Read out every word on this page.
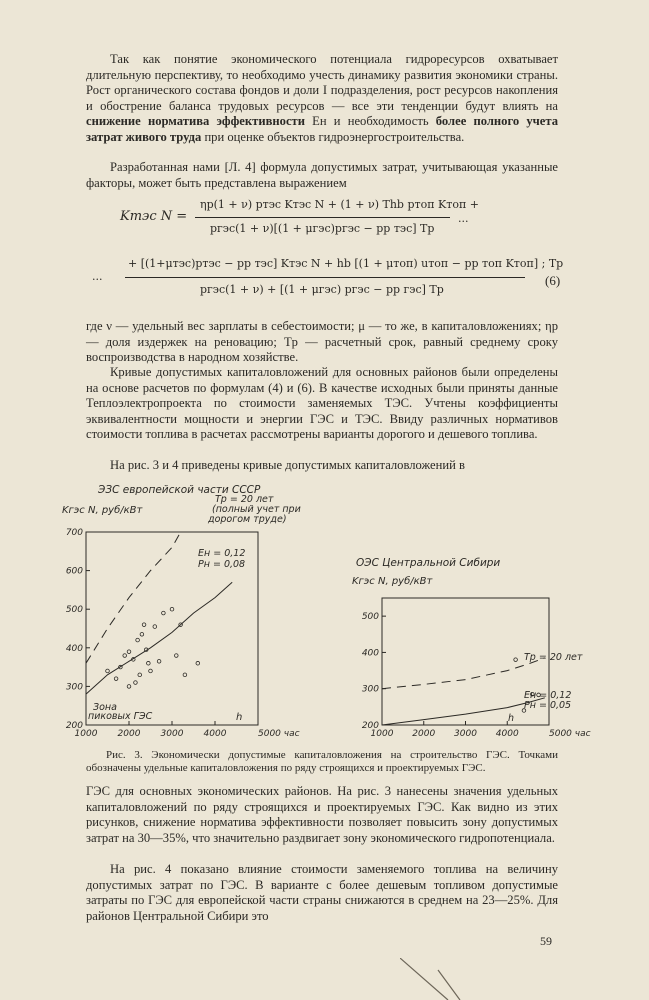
Так как понятие экономического потенциала гидроресурсов охватывает длительную перспективу, то необходимо учесть динамику развития экономики страны. Рост органического состава фондов и доли I подразделения, рост ресурсов накопления и обострение баланса трудовых ресурсов — все эти тенденции будут влиять на снижение норматива эффективности Eн и необходимость более полного учета затрат живого труда при оценке объектов гидроэнергостроительства.

Разработанная нами [Л. 4] формула допустимых затрат, учитывающая указанные факторы, может быть представлена выражением

Kтэс N =
ηр(1 + ν) pтэс Kтэс N + (1 + ν) Thb pтоп Kтоп +
pгэс(1 + ν)[(1 + μгэс)pгэс − pр тэс] Tр
...
...
+ [(1+μтэс)pтэс − pр тэс] Kтэс N + hb [(1 + μтоп) uтоп − pр топ Kтоп] ; Tр
pгэс(1 + ν) + [(1 + μгэс) pгэс − pр гэс] Tр
(6)

где ν — удельный вес зарплаты в себестоимости; μ — то же, в капиталовложениях; ηр — доля издержек на реновацию; Tр — расчетный срок, равный среднему сроку воспроизводства в народном хозяйстве.

Кривые допустимых капиталовложений для основных районов были определены на основе расчетов по формулам (4) и (6). В качестве исходных были приняты данные Теплоэлектропроекта по стоимости заменяемых ТЭС. Учтены коэффициенты эквивалентности мощности и энергии ГЭС и ТЭС. Ввиду различных нормативов стоимости топлива в расчетах рассмотрены варианты дорогого и дешевого топлива.

На рис. 3 и 4 приведены кривые допустимых капиталовложений в

200
300
400
500
600
700
1000 2000 3000 4000	5000 час
ЭЗС европейской части СССР
Kгэс N, руб/кВт
Tр = 20 лет
(полный учет при
дорогом труде)
Eн = 0,12
Pн = 0,08
Зона
пиковых ГЭС	h
200
300
400
500
1000 2000 3000 4000	5000 час
ОЭС Центральной Сибири
Kгэс N, руб/кВт
Tр = 20 лет
Eн = 0,12
Pн = 0,05
h
Рис. 3. Экономически допустимые капиталовложения на строительство ГЭС. Точками обозначены удельные капиталовложения по ряду строящихся и проектируемых ГЭС.

ГЭС для основных экономических районов. На рис. 3 нанесены значения удельных капиталовложений по ряду строящихся и проектируемых ГЭС. Как видно из этих рисунков, снижение норматива эффективности позволяет повысить зону допустимых затрат на 30—35%, что значительно раздвигает зону экономического гидропотенциала.

На рис. 4 показано влияние стоимости заменяемого топлива на величину допустимых затрат по ГЭС. В варианте с более дешевым топливом допустимые затраты по ГЭС для европейской части страны снижаются в среднем на 23—25%. Для районов Центральной Сибири это

59
